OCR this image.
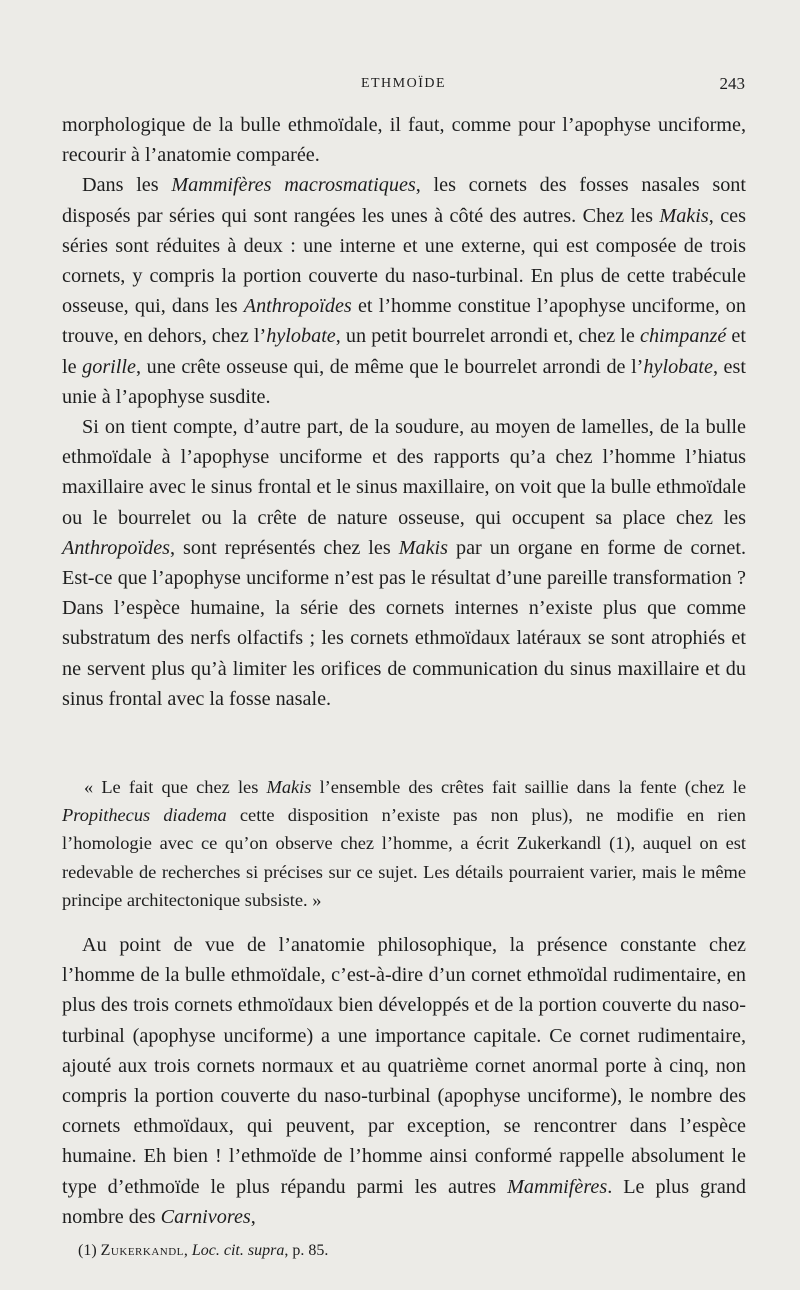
ETHMOÏDE	243

morphologique de la bulle ethmoïdale, il faut, comme pour l’apophyse unciforme, recourir à l’anatomie comparée.

Dans les Mammifères macrosmatiques, les cornets des fosses nasales sont disposés par séries qui sont rangées les unes à côté des autres. Chez les Makis, ces séries sont réduites à deux : une interne et une externe, qui est composée de trois cornets, y compris la portion couverte du naso-turbinal. En plus de cette trabécule osseuse, qui, dans les Anthropoïdes et l’homme constitue l’apophyse unciforme, on trouve, en dehors, chez l’hylobate, un petit bourrelet arrondi et, chez le chimpanzé et le gorille, une crête osseuse qui, de même que le bourrelet arrondi de l’hylobate, est unie à l’apophyse susdite.

Si on tient compte, d’autre part, de la soudure, au moyen de lamelles, de la bulle ethmoïdale à l’apophyse unciforme et des rapports qu’a chez l’homme l’hiatus maxillaire avec le sinus frontal et le sinus maxillaire, on voit que la bulle ethmoïdale ou le bourrelet ou la crête de nature osseuse, qui occupent sa place chez les Anthropoïdes, sont représentés chez les Makis par un organe en forme de cornet. Est-ce que l’apophyse unciforme n’est pas le résultat d’une pareille transformation ? Dans l’espèce humaine, la série des cornets internes n’existe plus que comme substratum des nerfs olfactifs ; les cornets ethmoïdaux latéraux se sont atrophiés et ne servent plus qu’à limiter les orifices de communication du sinus maxillaire et du sinus frontal avec la fosse nasale.

« Le fait que chez les Makis l’ensemble des crêtes fait saillie dans la fente (chez le Propithecus diadema cette disposition n’existe pas non plus), ne modifie en rien l’homologie avec ce qu’on observe chez l’homme, a écrit Zukerkandl (1), auquel on est redevable de recherches si précises sur ce sujet. Les détails pourraient varier, mais le même principe architectonique subsiste. »

Au point de vue de l’anatomie philosophique, la présence constante chez l’homme de la bulle ethmoïdale, c’est-à-dire d’un cornet ethmoïdal rudimentaire, en plus des trois cornets ethmoïdaux bien développés et de la portion couverte du naso-turbinal (apophyse unciforme) a une importance capitale. Ce cornet rudimentaire, ajouté aux trois cornets normaux et au quatrième cornet anormal porte à cinq, non compris la portion couverte du naso-turbinal (apophyse unciforme), le nombre des cornets ethmoïdaux, qui peuvent, par exception, se rencontrer dans l’espèce humaine. Eh bien ! l’ethmoïde de l’homme ainsi conformé rappelle absolument le type d’ethmoïde le plus répandu parmi les autres Mammifères. Le plus grand nombre des Carnivores,

(1) Zukerkandl, Loc. cit. supra, p. 85.
